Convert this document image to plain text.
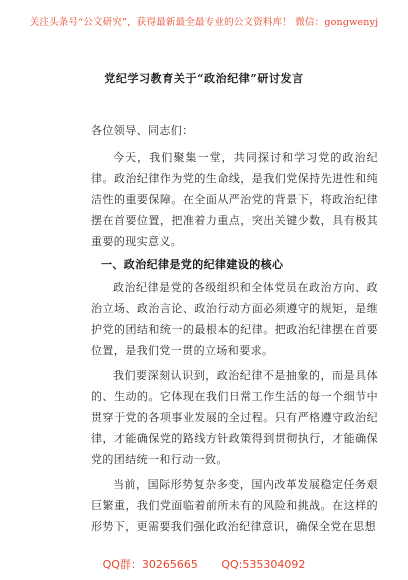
关注头条号“公文研究”，获得最新最全最专业的公文资料库！ 微信：gongwenyj
党纪学习教育关于“政治纪律”研讨发言

各位领导、同志们：

今天，我们聚集一堂，共同探讨和学习党的政治纪律。政治纪律作为党的生命线，是我们党保持先进性和纯洁性的重要保障。在全面从严治党的背景下，将政治纪律摆在首要位置，把准着力重点，突出关键少数，具有极其重要的现实意义。

一、政治纪律是党的纪律建设的核心

政治纪律是党的各级组织和全体党员在政治方向、政治立场、政治言论、政治行动方面必须遵守的规矩，是维护党的团结和统一的最根本的纪律。把政治纪律摆在首要位置，是我们党一贯的立场和要求。

我们要深刻认识到，政治纪律不是抽象的，而是具体的、生动的。它体现在我们日常工作生活的每一个细节中贯穿于党的各项事业发展的全过程。只有严格遵守政治纪律，才能确保党的路线方针政策得到贯彻执行，才能确保党的团结统一和行动一致。

当前，国际形势复杂多变，国内改革发展稳定任务艰巨繁重，我们党面临着前所未有的风险和挑战。在这样的形势下，更需要我们强化政治纪律意识，确保全党在思想

QQ群：30265665 QQ:535304092
